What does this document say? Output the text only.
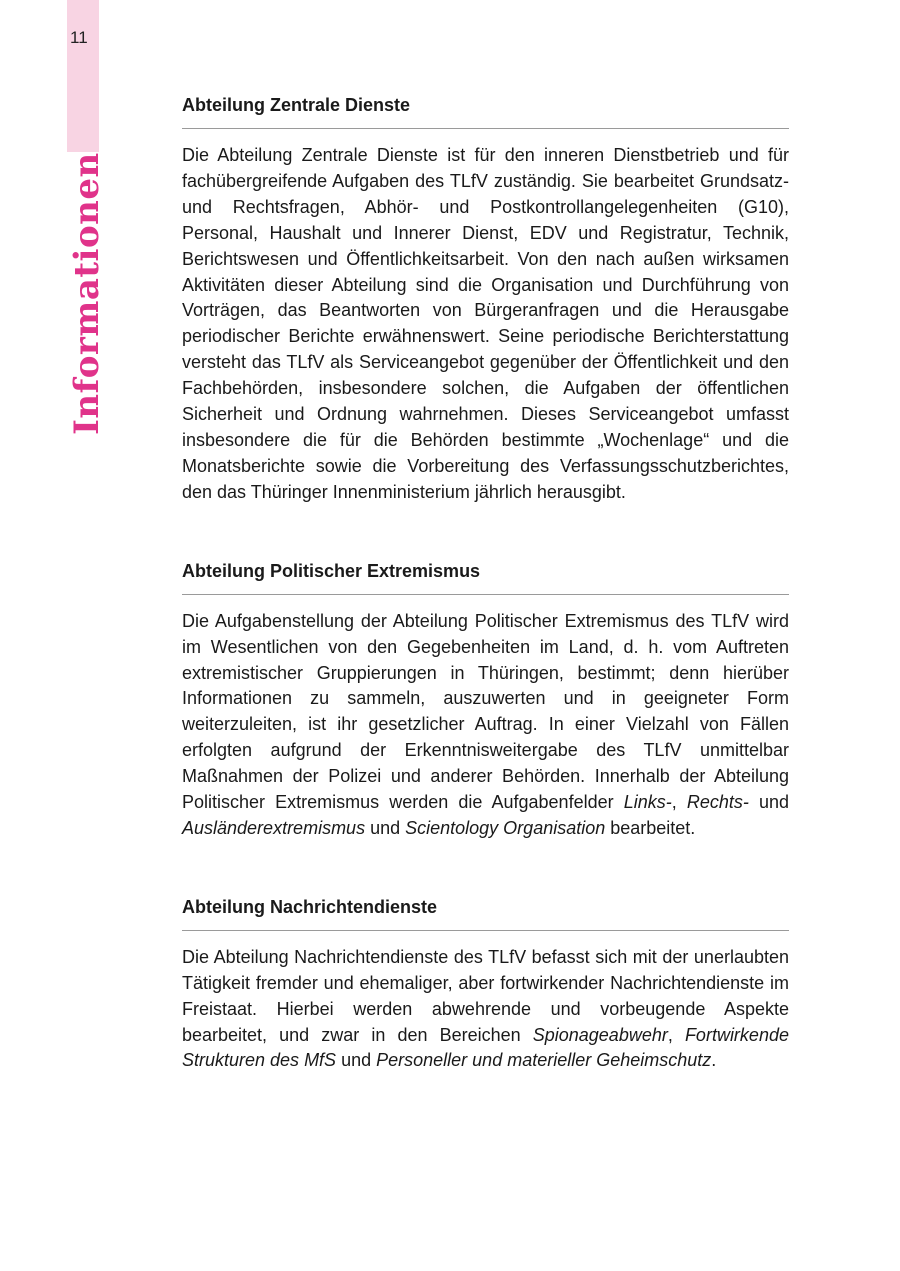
11
Informationen
Abteilung Zentrale Dienste

Die Abteilung Zentrale Dienste ist für den inneren Dienstbetrieb und für fachübergreifende Aufgaben des TLfV zuständig. Sie bearbeitet Grundsatz- und Rechtsfragen, Abhör- und Postkontrollangelegenheiten (G10), Personal, Haushalt und Innerer Dienst, EDV und Registratur, Technik, Berichtswesen und Öffentlichkeitsarbeit. Von den nach außen wirksamen Aktivitäten dieser Abteilung sind die Organisation und Durchführung von Vorträgen, das Beantworten von Bürgeranfragen und die Herausgabe periodischer Berichte erwähnenswert. Seine periodische Berichterstattung versteht das TLfV als Serviceangebot gegenüber der Öffentlichkeit und den Fachbehörden, insbesondere solchen, die Aufgaben der öffentlichen Sicherheit und Ordnung wahrnehmen. Dieses Serviceangebot umfasst insbesondere die für die Behörden bestimmte „Wochenlage“ und die Monatsberichte sowie die Vorbereitung des Verfassungsschutzberichtes, den das Thüringer Innenministerium jährlich herausgibt.

Abteilung Politischer Extremismus

Die Aufgabenstellung der Abteilung Politischer Extremismus des TLfV wird im Wesentlichen von den Gegebenheiten im Land, d. h. vom Auftreten extremistischer Gruppierungen in Thüringen, bestimmt; denn hierüber Informationen zu sammeln, auszuwerten und in geeigneter Form weiterzuleiten, ist ihr gesetzlicher Auftrag. In einer Vielzahl von Fällen erfolgten aufgrund der Erkenntnisweitergabe des TLfV unmittelbar Maßnahmen der Polizei und anderer Behörden. Innerhalb der Abteilung Politischer Extremismus werden die Aufgabenfelder Links-, Rechts- und Ausländerextremismus und Scientology Organisation bearbeitet.

Abteilung Nachrichtendienste

Die Abteilung Nachrichtendienste des TLfV befasst sich mit der unerlaubten Tätigkeit fremder und ehemaliger, aber fortwirkender Nachrichtendienste im Freistaat. Hierbei werden abwehrende und vorbeugende Aspekte bearbeitet, und zwar in den Bereichen Spionageabwehr, Fortwirkende Strukturen des MfS und Personeller und materieller Geheimschutz.
